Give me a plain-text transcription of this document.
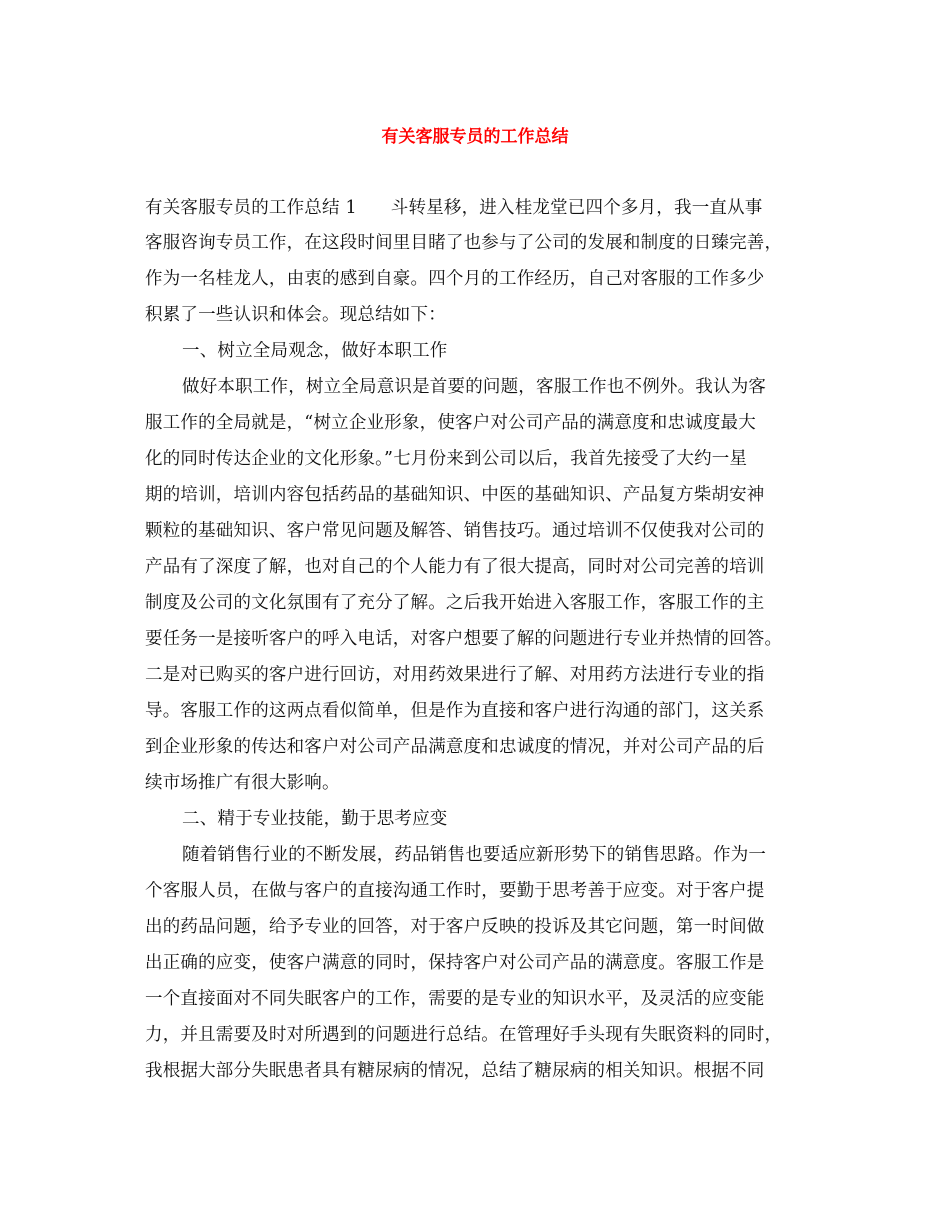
有关客服专员的工作总结
有关客服专员的工作总结 1 斗转星移，进入桂龙堂已四个多月，我一直从事
客服咨询专员工作，在这段时间里目睹了也参与了公司的发展和制度的日臻完善，
作为一名桂龙人，由衷的感到自豪。四个月的工作经历，自己对客服的工作多少
积累了一些认识和体会。现总结如下：
一、树立全局观念，做好本职工作
做好本职工作，树立全局意识是首要的问题，客服工作也不例外。我认为客
服工作的全局就是，“树立企业形象，使客户对公司产品的满意度和忠诚度最大
化的同时传达企业的文化形象。”七月份来到公司以后，我首先接受了大约一星
期的培训，培训内容包括药品的基础知识、中医的基础知识、产品复方柴胡安神
颗粒的基础知识、客户常见问题及解答、销售技巧。通过培训不仅使我对公司的
产品有了深度了解，也对自己的个人能力有了很大提高，同时对公司完善的培训
制度及公司的文化氛围有了充分了解。之后我开始进入客服工作，客服工作的主
要任务一是接听客户的呼入电话，对客户想要了解的问题进行专业并热情的回答。
二是对已购买的客户进行回访，对用药效果进行了解、对用药方法进行专业的指
导。客服工作的这两点看似简单，但是作为直接和客户进行沟通的部门，这关系
到企业形象的传达和客户对公司产品满意度和忠诚度的情况，并对公司产品的后
续市场推广有很大影响。
二、精于专业技能，勤于思考应变
随着销售行业的不断发展，药品销售也要适应新形势下的销售思路。作为一
个客服人员，在做与客户的直接沟通工作时，要勤于思考善于应变。对于客户提
出的药品问题，给予专业的回答，对于客户反映的投诉及其它问题，第一时间做
出正确的应变，使客户满意的同时，保持客户对公司产品的满意度。客服工作是
一个直接面对不同失眠客户的工作，需要的是专业的知识水平，及灵活的应变能
力，并且需要及时对所遇到的问题进行总结。在管理好手头现有失眠资料的同时，
我根据大部分失眠患者具有糖尿病的情况，总结了糖尿病的相关知识。根据不同
